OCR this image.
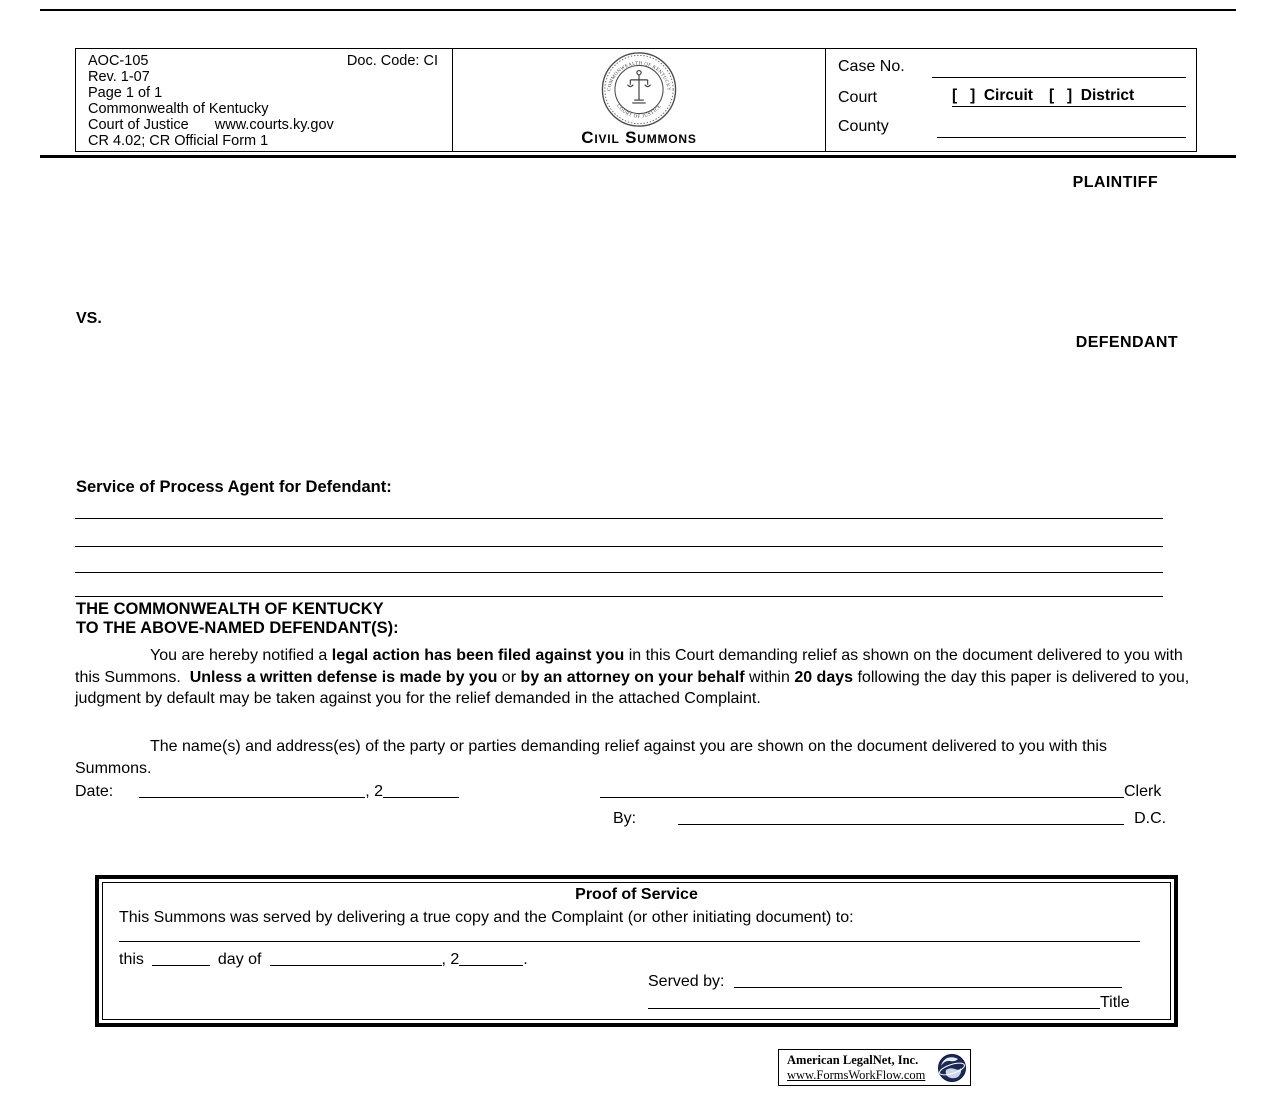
AOC-105	Doc. Code: CI
Rev. 1-07
Page 1 of 1
Commonwealth of Kentucky
Court of Justice www.courts.ky.gov
CR 4.02; CR Official Form 1
COMMONWEALTH OF KENTUCKY
COURT OF JUSTICE
Civil Summons
Case No.
Court	[   ]  Circuit [   ]  District
County
PLAINTIFF
VS.
DEFENDANT
Service of Process Agent for Defendant:
THE COMMONWEALTH OF KENTUCKY
TO THE ABOVE-NAMED DEFENDANT(S):

You are hereby notified a legal action has been filed against you in this Court demanding relief as shown on the document delivered to you with this Summons.  Unless a written defense is made by you or by an attorney on your behalf within 20 days following the day this paper is delivered to you, judgment by default may be taken against you for the relief demanded in the attached Complaint.

The name(s) and address(es) of the party or parties demanding relief against you are shown on the document delivered to you with this Summons.

Date:	, 2	Clerk
By:	D.C.
Proof of Service
This Summons was served by delivering a true copy and the Complaint (or other initiating document) to:
this	day of	, 2	.
Served by:
Title
American LegalNet, Inc.
www.FormsWorkFlow.com
